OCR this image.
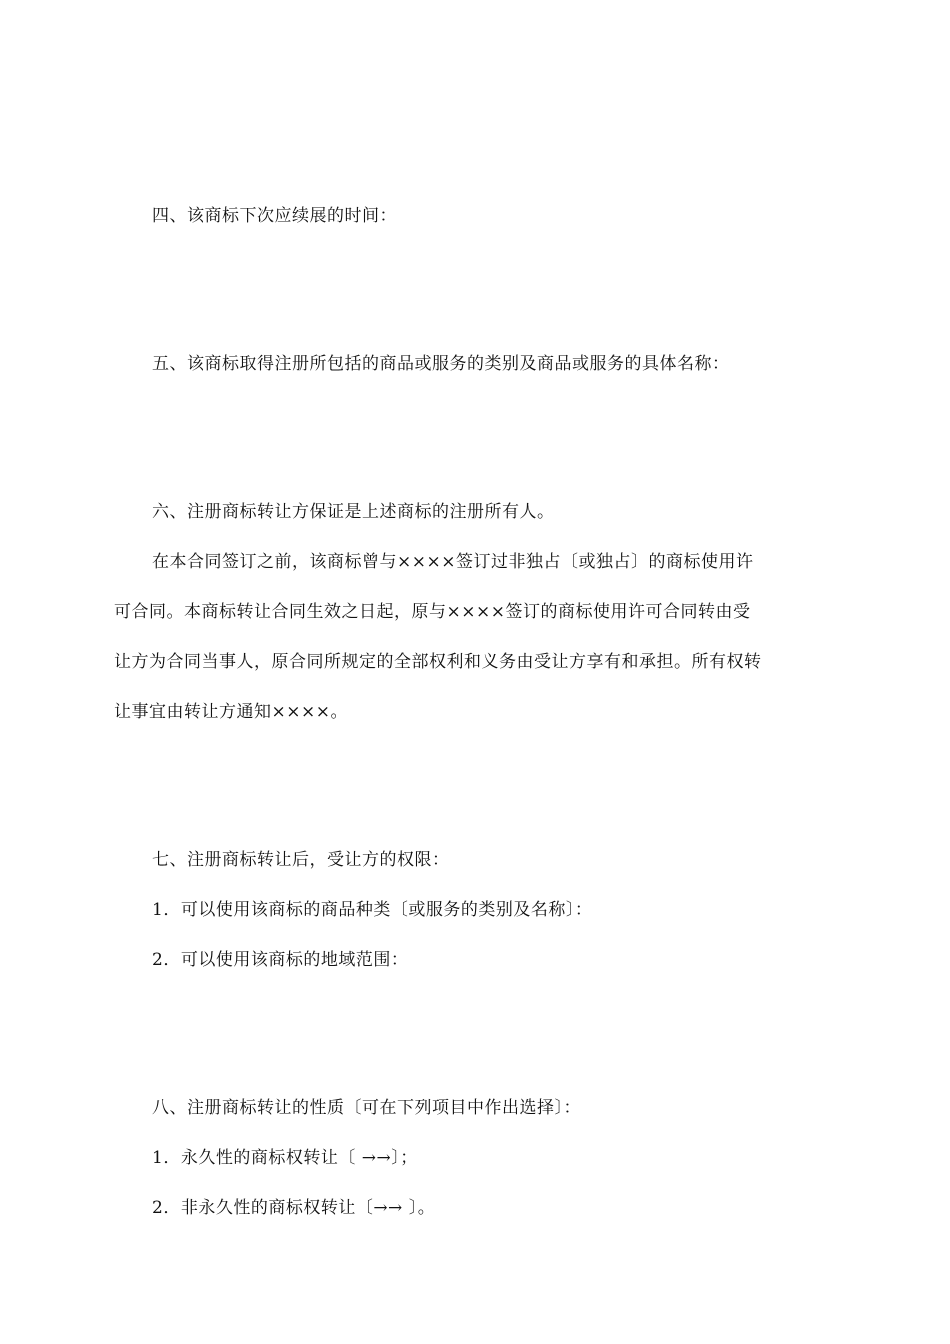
四、该商标下次应续展的时间：
五、该商标取得注册所包括的商品或服务的类别及商品或服务的具体名称：
六、注册商标转让方保证是上述商标的注册所有人。
在本合同签订之前，该商标曾与××××签订过非独占〔或独占〕的商标使用许
可合同。本商标转让合同生效之日起，原与××××签订的商标使用许可合同转由受
让方为合同当事人，原合同所规定的全部权利和义务由受让方享有和承担。所有权转
让事宜由转让方通知××××。
七、注册商标转让后，受让方的权限：
1．可以使用该商标的商品种类〔或服务的类别及名称〕：
2．可以使用该商标的地域范围：
八、注册商标转让的性质〔可在下列项目中作出选择〕：
1．永久性的商标权转让〔 →→〕；
2．非永久性的商标权转让〔→→ 〕。
